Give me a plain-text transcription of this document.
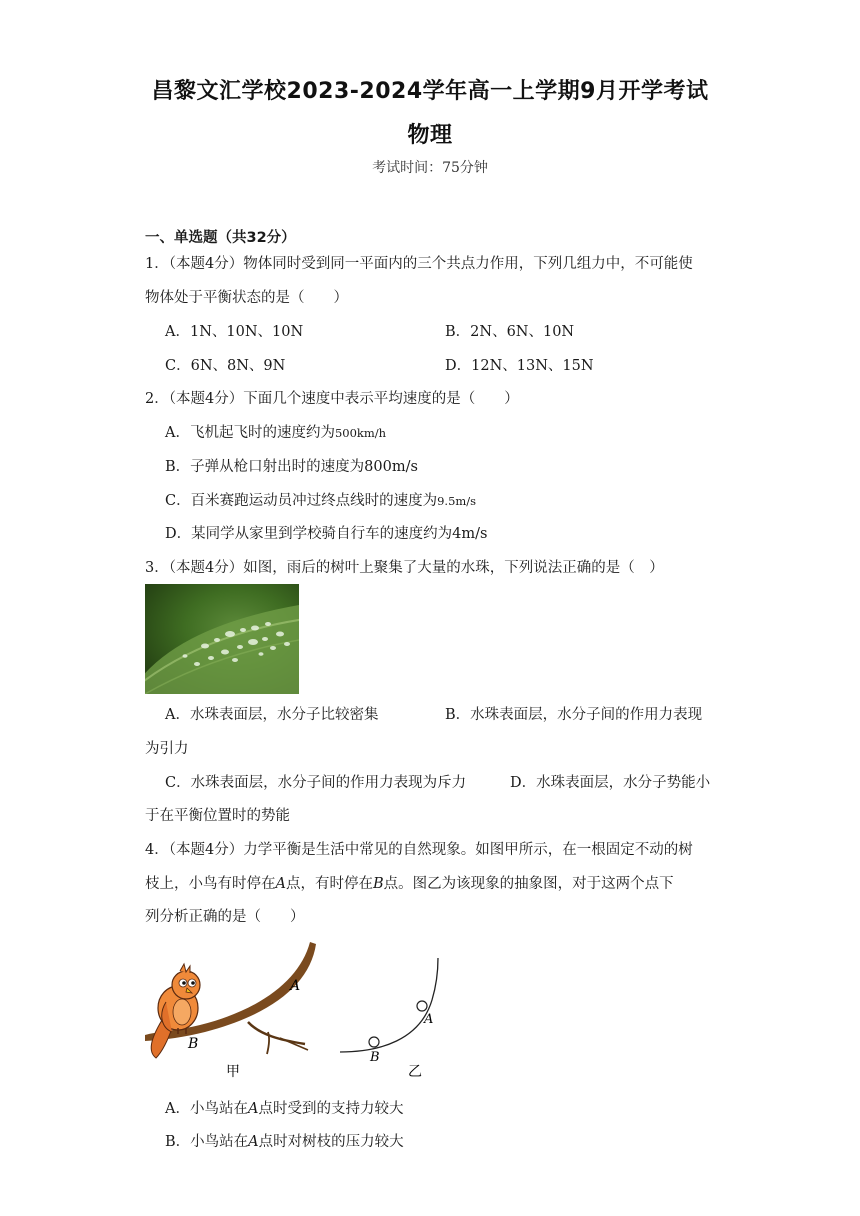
昌黎文汇学校2023-2024学年高一上学期9月开学考试
物理
考试时间：75分钟
一、单选题（共32分）
1．（本题4分）物体同时受到同一平面内的三个共点力作用，下列几组力中，不可能使
物体处于平衡状态的是（　　）
A．1N、10N、10N	B．2N、6N、10N
C．6N、8N、9N	D．12N、13N、15N
2．（本题4分）下面几个速度中表示平均速度的是（　　）
A．飞机起飞时的速度约为500km/h
B．子弹从枪口射出时的速度为800m/s
C．百米赛跑运动员冲过终点线时的速度为9.5m/s
D．某同学从家里到学校骑自行车的速度约为4m/s
3．（本题4分）如图，雨后的树叶上聚集了大量的水珠，下列说法正确的是（　）
A．水珠表面层，水分子比较密集	B．水珠表面层，水分子间的作用力表现
为引力
C．水珠表面层，水分子间的作用力表现为斥力	D．水珠表面层，水分子势能小
于在平衡位置时的势能
4．（本题4分）力学平衡是生活中常见的自然现象。如图甲所示，在一根固定不动的树
枝上，小鸟有时停在A点，有时停在B点。图乙为该现象的抽象图，对于这两个点下
列分析正确的是（　　）
A
B
甲
A
B
乙
A．小鸟站在A点时受到的支持力较大
B．小鸟站在A点时对树枝的压力较大
